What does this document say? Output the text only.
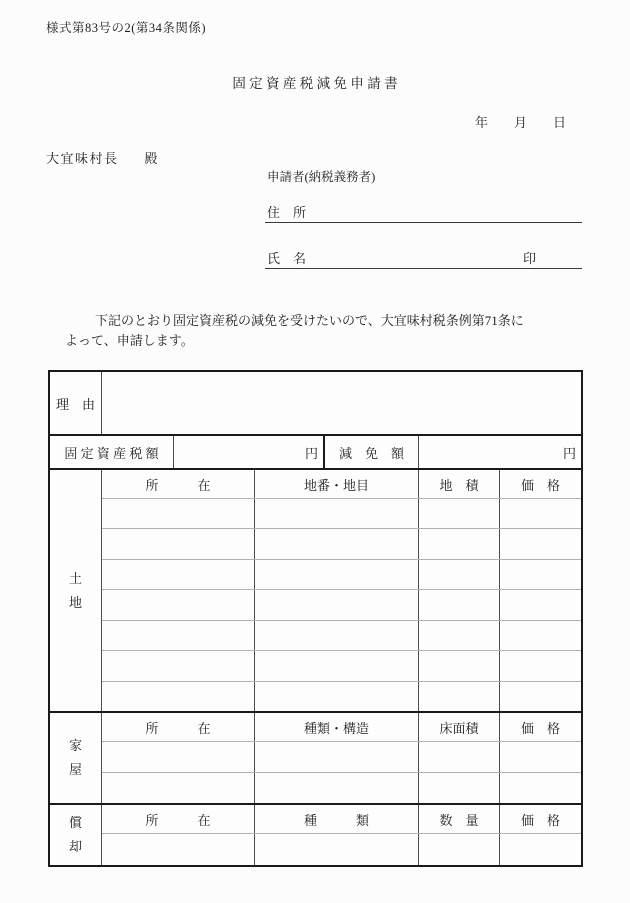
様式第83号の2(第34条関係)
固 定 資 産 税 減 免 申 請 書
年　　月　　日
大宜味村長 殿
申請者(納税義務者)
住　所
氏　名	印
下記のとおり固定資産税の減免を受けたいので、大宜味村税条例第71条に
よって、申請します。
理　由
固 定 資 産 税 額	円	減　免　額	円
土
地
所　　　在	地番・地目	地　積	価　格
家
屋
所　　　在	種類・構造	床面積	価　格
償
却
所　　　在	種　　　類	数　量	価　格
